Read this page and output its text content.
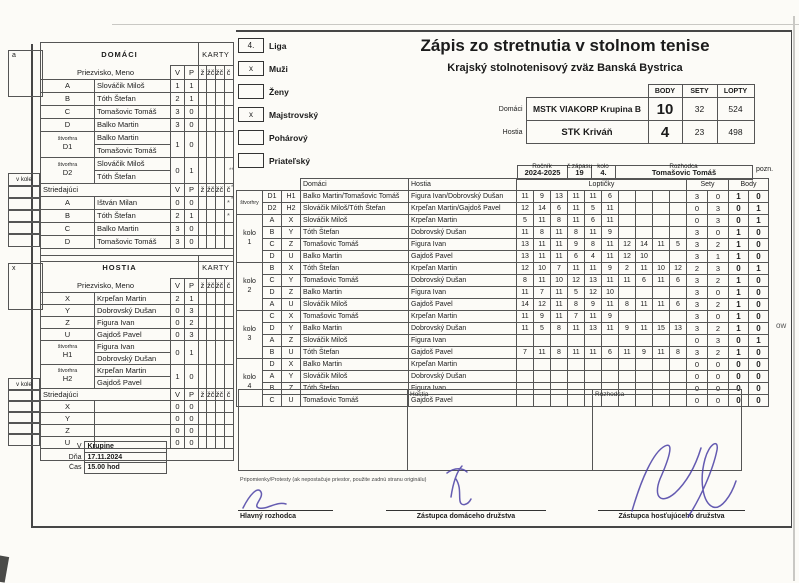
Zápis zo stretnutia v stolnom tenise
Krajský stolnotenisový zväz Banská Bystrica
4.	Liga
x	Muži
Ženy
x	Majstrovský
Pohárový
Priateľský
		BODY	SETY	LOPTY
Domáci	MSTK VIAKORP Krupina B	10	32	524
Hostia	STK Kriváň	4	23	498
Ročník č.zápasu kolo	Rozhodca
2024-2025	19	4.	Tomašovic Tomáš	pozn.
DOMÁCI				KARTY			
Priezvisko, Meno		V	P	ž	žč	žč	č
A	Slováčik Miloš	1	1				
B	Tóth Štefan	2	1				
C	Tomašovic Tomáš	3	0				
D	Balko Martin	3	0				

štvorhra
D1	Balko Martin	1	0				
	Tomašovic Tomáš						

štvorhra
D2	Slováčik Miloš	0	1				
	Tóth Štefan						
Striedajúci		V	P	ž	žč	žč	č
A	Ištván Milan	0	0				*
B	Tóth Štefan	2	1				*
C	Balko Martin	3	0				
D	Tomašovic Tomáš	3	0				

HOSTIA				KARTY			
Priezvisko, Meno		V	P	ž	žč	žč	č
X	Krpeľan Martin	2	1				
Y	Dobrovský Dušan	0	3				
Z	Figura Ivan	0	2				
U	Gajdoš Pavel	0	3				

štvorhra
H1	Figura Ivan	0	1				
	Dobrovský Dušan						

štvorhra
H2	Krpeľan Martin	1	0				
	Gajdoš Pavel						
Striedajúci		V	P	ž	žč	žč	č
X		0	0				
Y		0	0				
Z		0	0				
U		0	0				

a
v kole
x
v kole
**
*
*
			Domáci	Hostia	Loptičky										Sety		Body	
štvorhry	D1	H1	Balko Martin/Tomašovic Tomáš	Figura Ivan/Dobrovský Dušan	11	9	13	11	11	6					3	0	1	0
	D2	H2	Slováčik Miloš/Tóth Štefan	Krpeľan Martin/Gajdoš Pavel	12	14	6	11	5	11					0	3	0	1

kolo
1	A	X	Slováčik Miloš	Krpeľan Martin	5	11	8	11	6	11					0	3	0	1
	B	Y	Tóth Štefan	Dobrovský Dušan	11	8	11	8	11	9					3	0	1	0
	C	Z	Tomašovic Tomáš	Figura Ivan	13	11	11	9	8	11	12	14	11	5	3	2	1	0
	D	U	Balko Martin	Gajdoš Pavel	13	11	11	6	4	11	12	10			3	1	1	0

kolo
2	B	X	Tóth Štefan	Krpeľan Martin	12	10	7	11	11	9	2	11	10	12	2	3	0	1
	C	Y	Tomašovic Tomáš	Dobrovský Dušan	8	11	10	12	13	11	11	6	11	6	3	2	1	0
	D	Z	Balko Martin	Figura Ivan	11	7	11	5	12	10					3	0	1	0
	A	U	Slováčik Miloš	Gajdoš Pavel	14	12	11	8	9	11	8	11	11	6	3	2	1	0

kolo
3	C	X	Tomašovic Tomáš	Krpeľan Martin	11	9	11	7	11	9					3	0	1	0
	D	Y	Balko Martin	Dobrovský Dušan	11	5	8	11	13	11	9	11	15	13	3	2	1	0
	A	Z	Slováčik Miloš	Figura Ivan											0	3	0	1
	B	U	Tóth Štefan	Gajdoš Pavel	7	11	8	11	11	6	11	9	11	8	3	2	1	0

kolo
4	D	X	Balko Martin	Krpeľan Martin											0	0	0	0
	A	Y	Slováčik Miloš	Dobrovský Dušan											0	0	0	0
	B	Z	Tóth Štefan	Figura Ivan											0	0	0	0
	C	U	Tomašovic Tomáš	Gajdoš Pavel											0	0	0	0
ow
V	Krupine
Dňa	17.11.2024
Čas	15.00 hod
Hostia	Rozhodca
Pripomienky/Protesty (ak nepostačuje priestor, použite zadnú stranu originálu)
Hlavný rozhodca	Zástupca domáceho družstva	Zástupca hosťujúceho družstva
